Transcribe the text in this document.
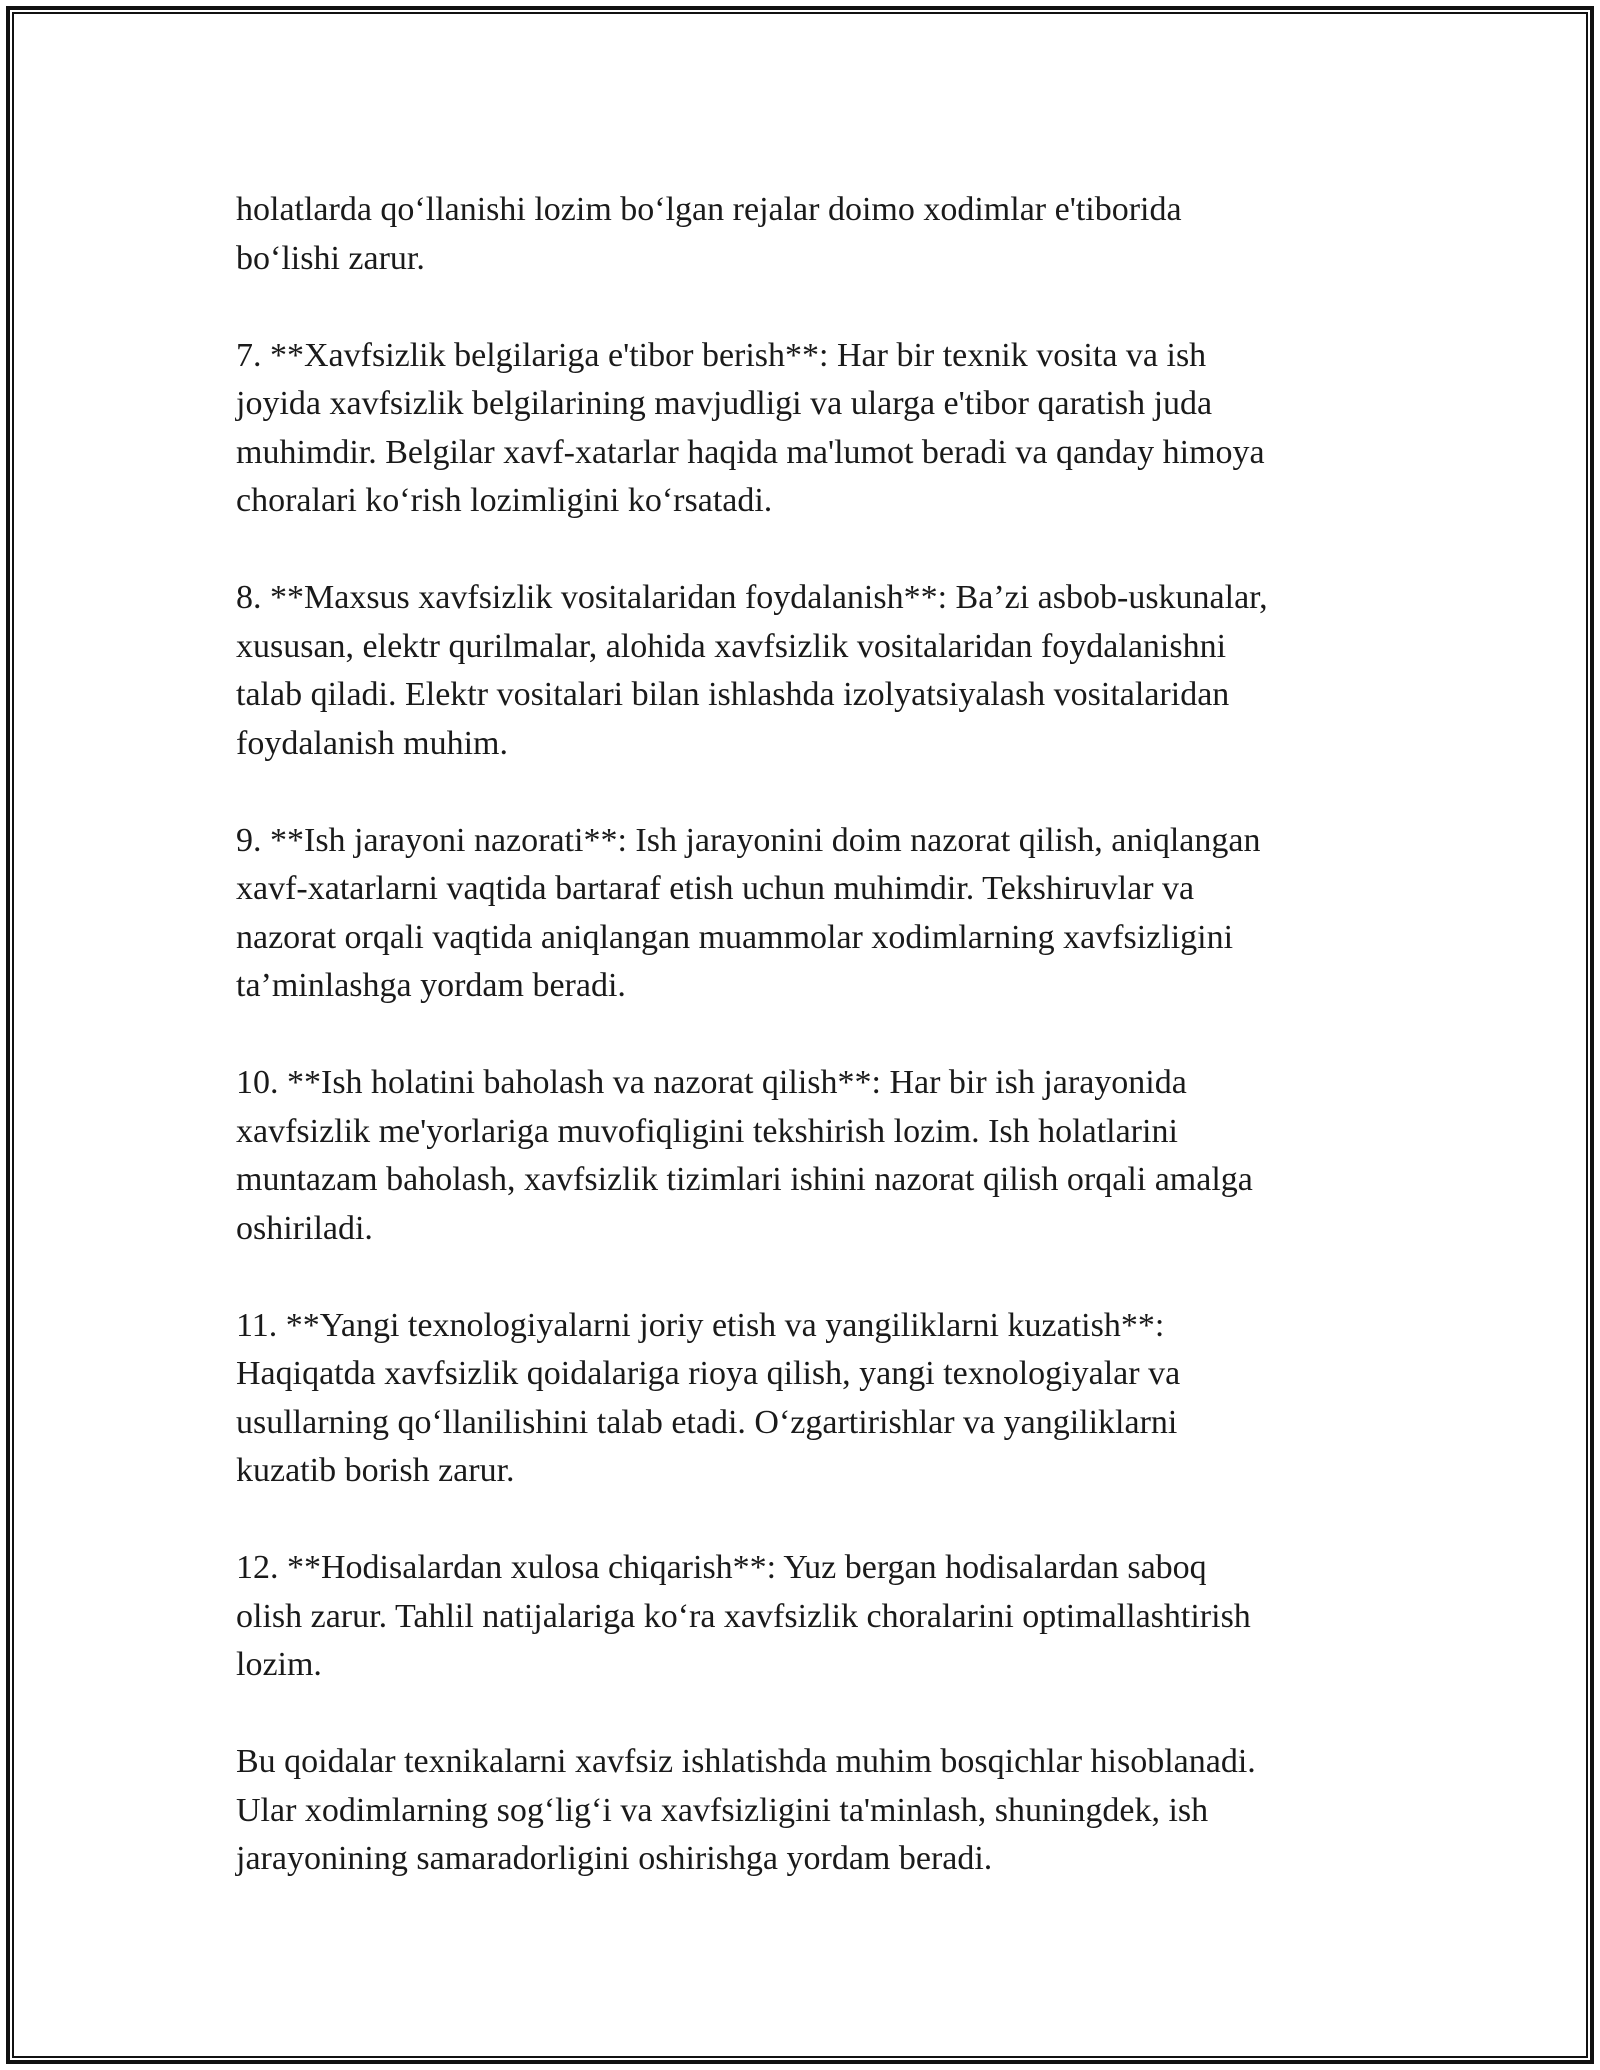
holatlarda qo‘llanishi lozim bo‘lgan rejalar doimo xodimlar e'tiborida
bo‘lishi zarur.

7. **Xavfsizlik belgilariga e'tibor berish**: Har bir texnik vosita va ish
joyida xavfsizlik belgilarining mavjudligi va ularga e'tibor qaratish juda
muhimdir. Belgilar xavf-xatarlar haqida ma'lumot beradi va qanday himoya
choralari ko‘rish lozimligini ko‘rsatadi.

8. **Maxsus xavfsizlik vositalaridan foydalanish**: Ba’zi asbob-uskunalar,
xususan, elektr qurilmalar, alohida xavfsizlik vositalaridan foydalanishni
talab qiladi. Elektr vositalari bilan ishlashda izolyatsiyalash vositalaridan
foydalanish muhim.

9. **Ish jarayoni nazorati**: Ish jarayonini doim nazorat qilish, aniqlangan
xavf-xatarlarni vaqtida bartaraf etish uchun muhimdir. Tekshiruvlar va
nazorat orqali vaqtida aniqlangan muammolar xodimlarning xavfsizligini
ta’minlashga yordam beradi.

10. **Ish holatini baholash va nazorat qilish**: Har bir ish jarayonida
xavfsizlik me'yorlariga muvofiqligini tekshirish lozim. Ish holatlarini
muntazam baholash, xavfsizlik tizimlari ishini nazorat qilish orqali amalga
oshiriladi.

11. **Yangi texnologiyalarni joriy etish va yangiliklarni kuzatish**:
Haqiqatda xavfsizlik qoidalariga rioya qilish, yangi texnologiyalar va
usullarning qo‘llanilishini talab etadi. O‘zgartirishlar va yangiliklarni
kuzatib borish zarur.

12. **Hodisalardan xulosa chiqarish**: Yuz bergan hodisalardan saboq
olish zarur. Tahlil natijalariga ko‘ra xavfsizlik choralarini optimallashtirish
lozim.

Bu qoidalar texnikalarni xavfsiz ishlatishda muhim bosqichlar hisoblanadi.
Ular xodimlarning sog‘lig‘i va xavfsizligini ta'minlash, shuningdek, ish
jarayonining samaradorligini oshirishga yordam beradi.
